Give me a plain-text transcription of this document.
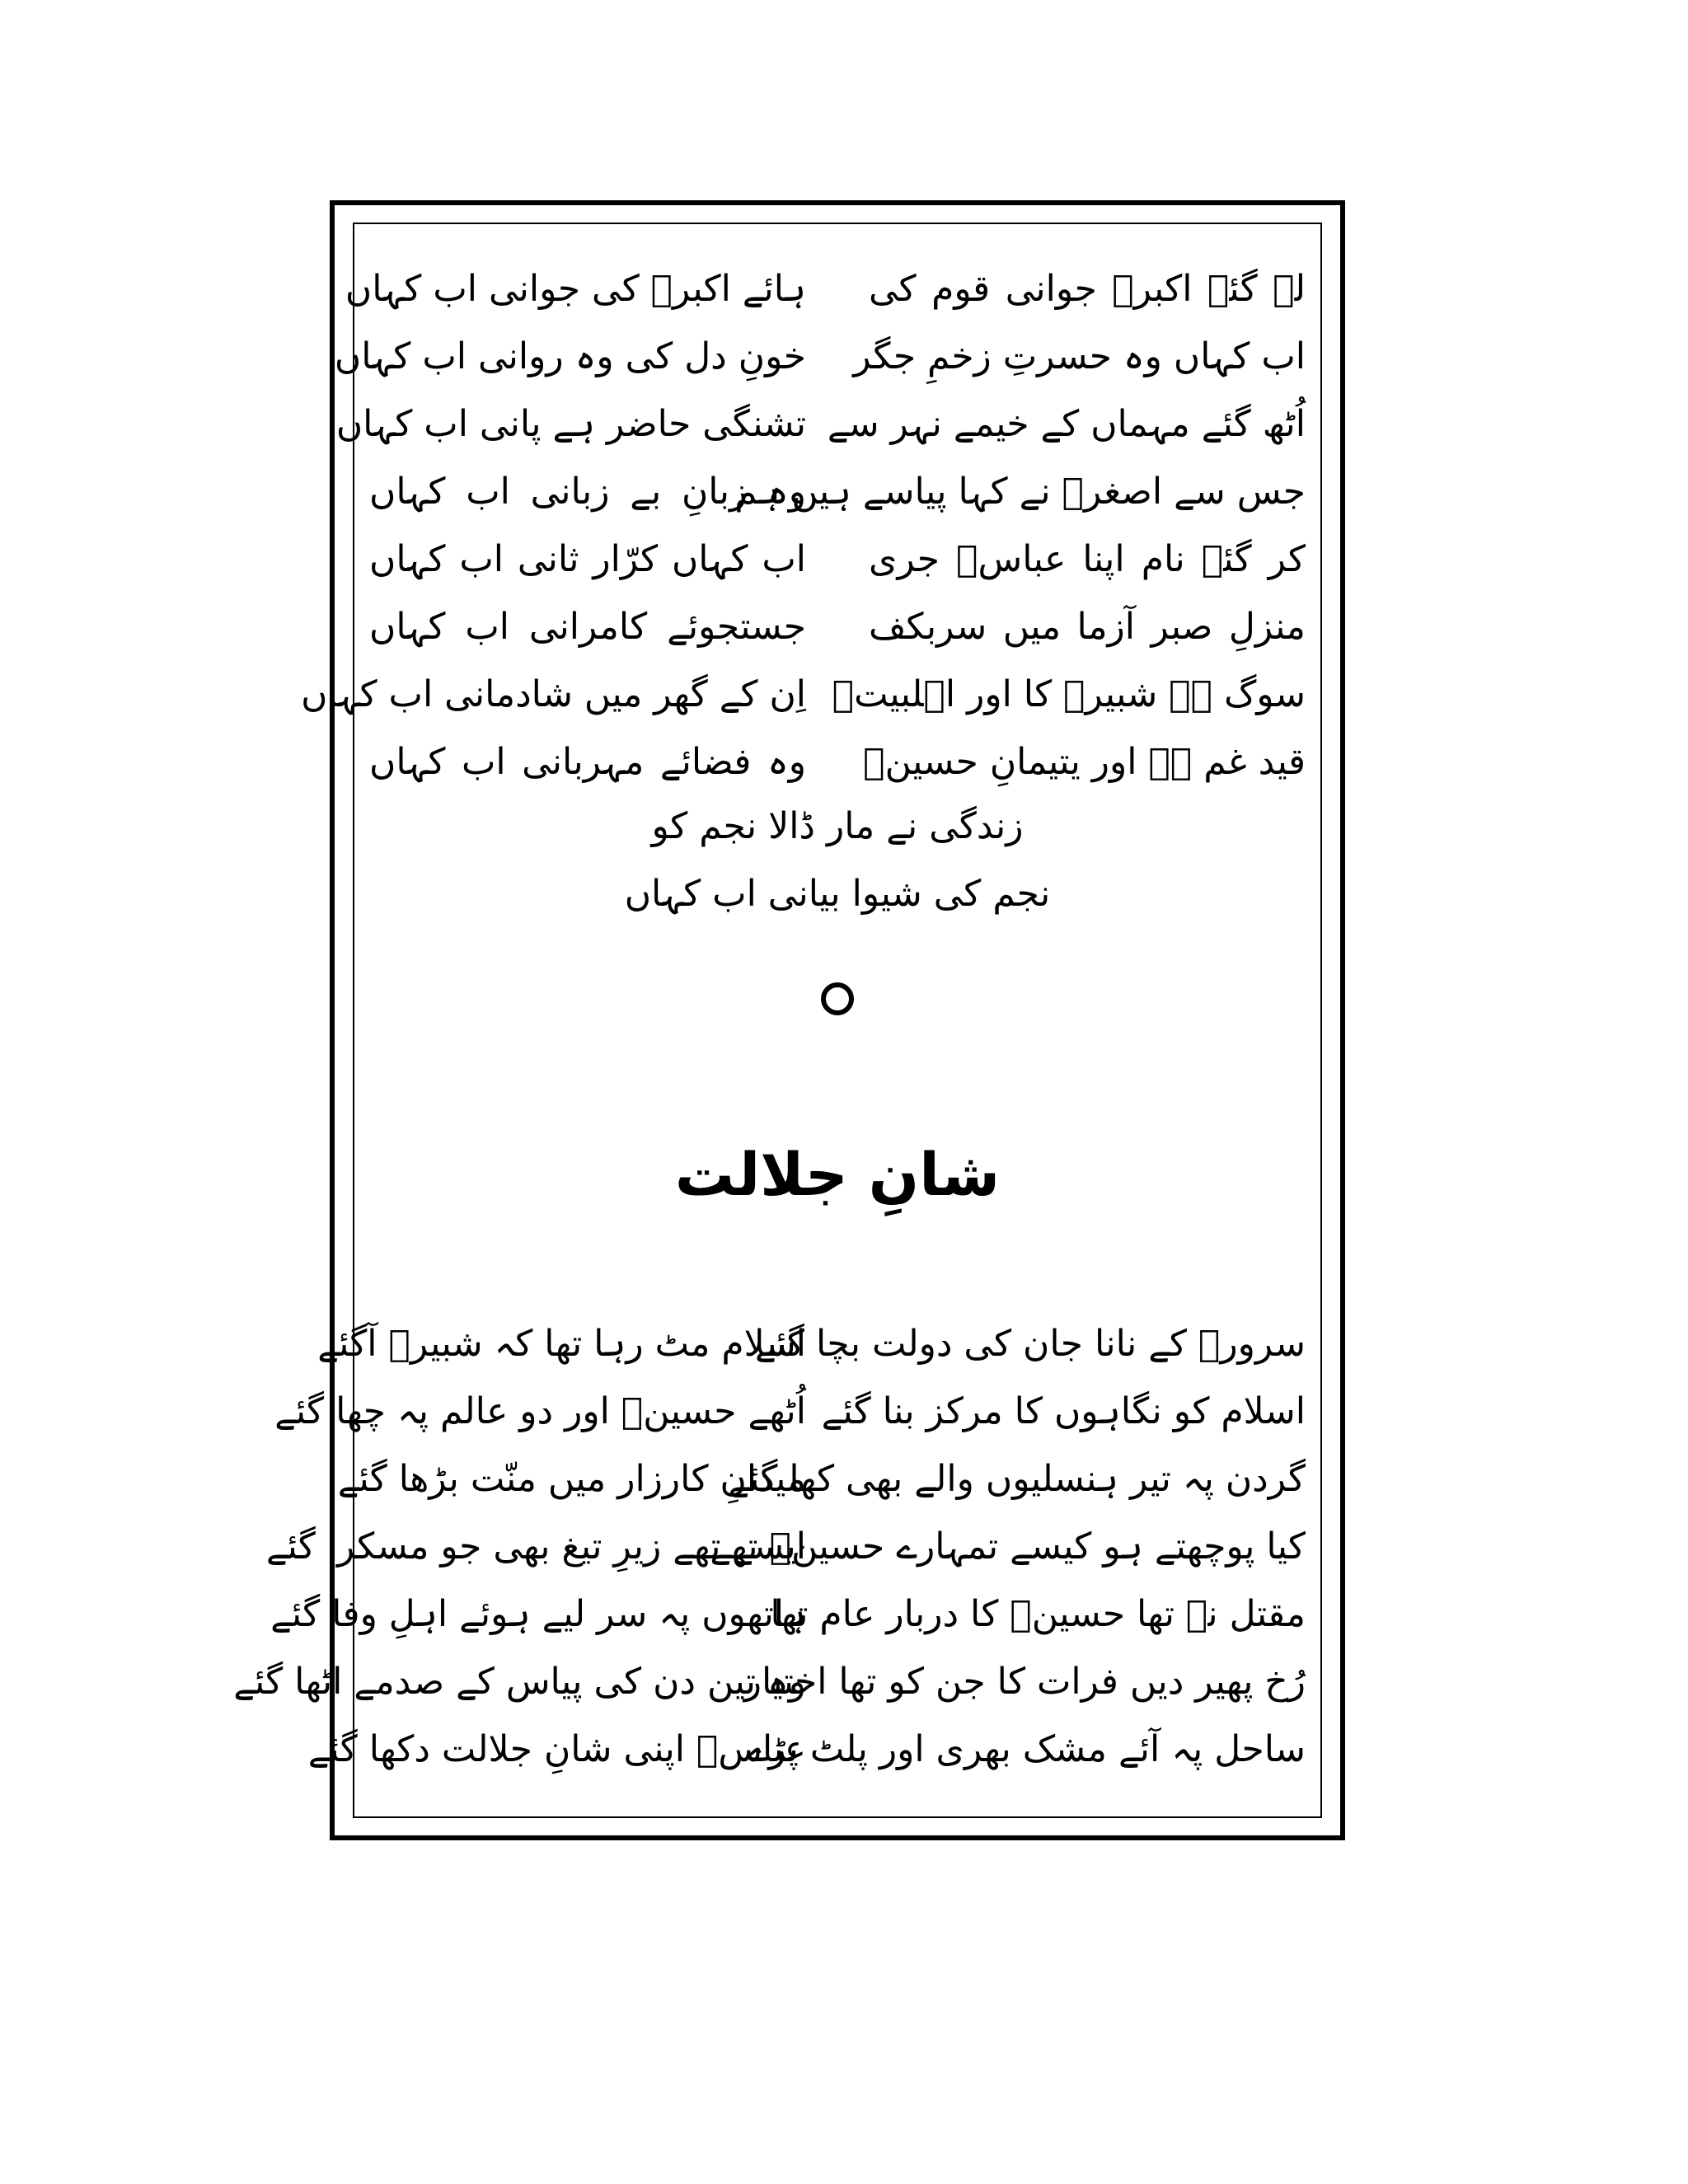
لے گئے اکبرؑ جوانی قوم کی
ہائے اکبرؑ کی جوانی اب کہاں
اب کہاں وہ حسرتِ زخمِ جگر
خونِ دل کی وہ روانی اب کہاں
اُٹھ گئے مہماں کے خیمے نہر سے
تشنگی حاضر ہے پانی اب کہاں
جس سے اصغرؑ نے کہا پیاسے ہیں ہم
وہ زبانِ بے زبانی اب کہاں
کر گئے نام اپنا عباسؑ جری
اب کہاں کرّار ثانی اب کہاں
منزلِ صبر آزما میں سربکف
جستجوئے کامرانی اب کہاں
سوگ ہے شبیرؑ کا اور اہلبیتؑ
اِن کے گھر میں شادمانی اب کہاں
قید غم ہے اور یتیمانِ حسینؑ
وہ فضائے مہربانی اب کہاں
زندگی نے مار ڈالا نجم کو
نجم کی شیوا بیانی اب کہاں
شانِ جلالت
سرورؑ کے نانا جان کی دولت بچا گئے
اسلام مٹ رہا تھا کہ شبیرؑ آگئے
اسلام کو نگاہوں کا مرکز بنا گئے
اُٹھے حسینؑ اور دو عالم پہ چھا گئے
گردن پہ تیر ہنسلیوں والے بھی کھا گئے
میدانِ کارزار میں منّت بڑھا گئے
کیا پوچھتے ہو کیسے تمہارے حسینؑ تھے
ایسے تھے زیرِ تیغ بھی جو مسکرا گئے
مقتل نہ تھا حسینؑ کا دربار عام تھا
ہاتھوں پہ سر لیے ہوئے اہلِ وفا گئے
رُخ پھیر دیں فرات کا جن کو تھا اختیار
وہ تین دن کی پیاس کے صدمے اٹھا گئے
ساحل پہ آئے مشک بھری اور پلٹ پڑے
عباسؑ اپنی شانِ جلالت دکھا گئے
